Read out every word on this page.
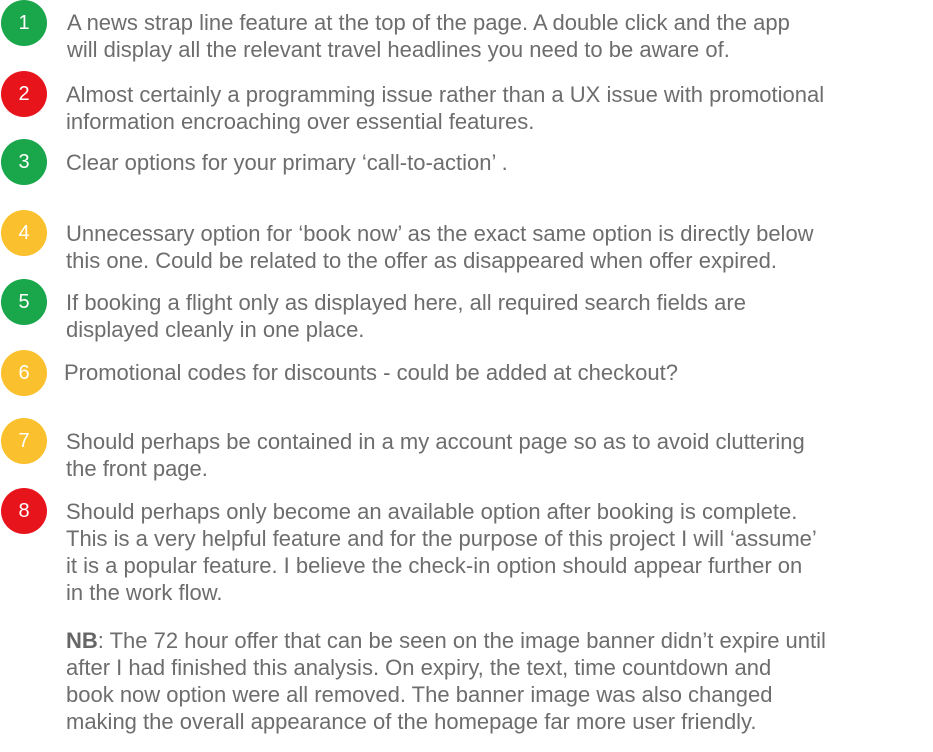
1	A news strap line feature at the top of the page. A double click and the app
will display all the relevant travel headlines you need to be aware of.
2	Almost certainly a programming issue rather than a UX issue with promotional
information encroaching over essential features.
3	Clear options for your primary ‘call-to-action’ .
4	Unnecessary option for ‘book now’ as the exact same option is directly below
this one. Could be related to the offer as disappeared when offer expired.
5	If booking a flight only as displayed here, all required search fields are
displayed cleanly in one place.
6	Promotional codes for discounts - could be added at checkout?
7	Should perhaps be contained in a my account page so as to avoid cluttering
the front page.
8	Should perhaps only become an available option after booking is complete.
This is a very helpful feature and for the purpose of this project I will ‘assume’
it is a popular feature. I believe the check-in option should appear further on
in the work flow.
NB: The 72 hour offer that can be seen on the image banner didn’t expire until
after I had finished this analysis. On expiry, the text, time countdown and
book now option were all removed. The banner image was also changed
making the overall appearance of the homepage far more user friendly.
